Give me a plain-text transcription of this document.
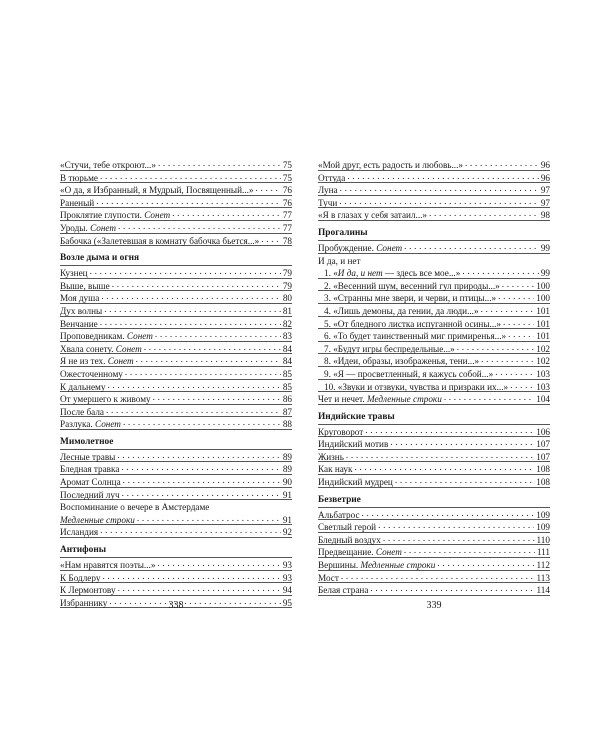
«Стучи, тебе откроют...» . . .	75
В тюрьме . . .	75
«О да, я Избранный, я Мудрый, Посвященный...» . . .	76
Раненый . . .	76
Проклятие глупости. Сонет . . .	77
Уроды. Сонет . . .	77
Бабочка («Залетевшая в комнату бабочка бьется...» . . .	78
Возле дыма и огня
Кузнец . . .	79
Выше, выше . . .	79
Моя душа . . .	80
Дух волны . . .	81
Венчание . . .	82
Проповедникам. Сонет . . .	83
Хвала сонету. Сонет . . .	84
Я не из тех. Сонет . . .	84
Ожесточенному . . .	85
К дальнему . . .	85
От умершего к живому . . .	86
После бала . . .	87
Разлука. Сонет . . .	88
Мимолетное
Лесные травы . . .	89
Бледная травка . . .	89
Аромат Солнца . . .	90
Последний луч . . .	91
Воспоминание о вечере в Амстердаме
Медленные строки . . .	91
Исландия . . .	92
Антифоны
«Нам нравятся поэты...» . . .	93
К Бодлеру . . .	93
К Лермонтову . . .	94
Избраннику . . .	95
«Мой друг, есть радость и любовь...» . . .	96
Оттуда . . .	96
Луна . . .	97
Тучи . . .	97
«Я в глазах у себя затаил...» . . .	98
Прогалины
Пробуждение. Сонет . . .	99
И да, и нет
1. «И да, и нет — здесь все мое...» . . .	99
2. «Весенний шум, весенний гул природы...» . . .	100
3. «Странны мне звери, и черви, и птицы...» . . .	100
4. «Лишь демоны, да гении, да люди...» . . .	101
5. «От бледного листка испуганной осины...» . . .	101
6. «То будет таинственный миг примиренья...» . . .	101
7. «Будут игры беспредельные...» . . .	102
8. «Идеи, образы, изображенья, тени...» . . .	102
9. «Я — просветленный, я кажусь собой...» . . .	103
10. «Звуки и отзвуки, чувства и призраки их...» . . .	103
Чет и нечет. Медленные строки . . .	104
Индийские травы
Круговорот . . .	106
Индийский мотив . . .	107
Жизнь . . .	107
Как наук . . .	108
Индийский мудрец . . .	108
Безветрие
Альбатрос . . .	109
Светлый герой . . .	109
Бледный воздух . . .	110
Предвещание. Сонет . . .	111
Вершины. Медленные строки . . .	112
Мост . . .	113
Белая страна . . .	114
338	339
